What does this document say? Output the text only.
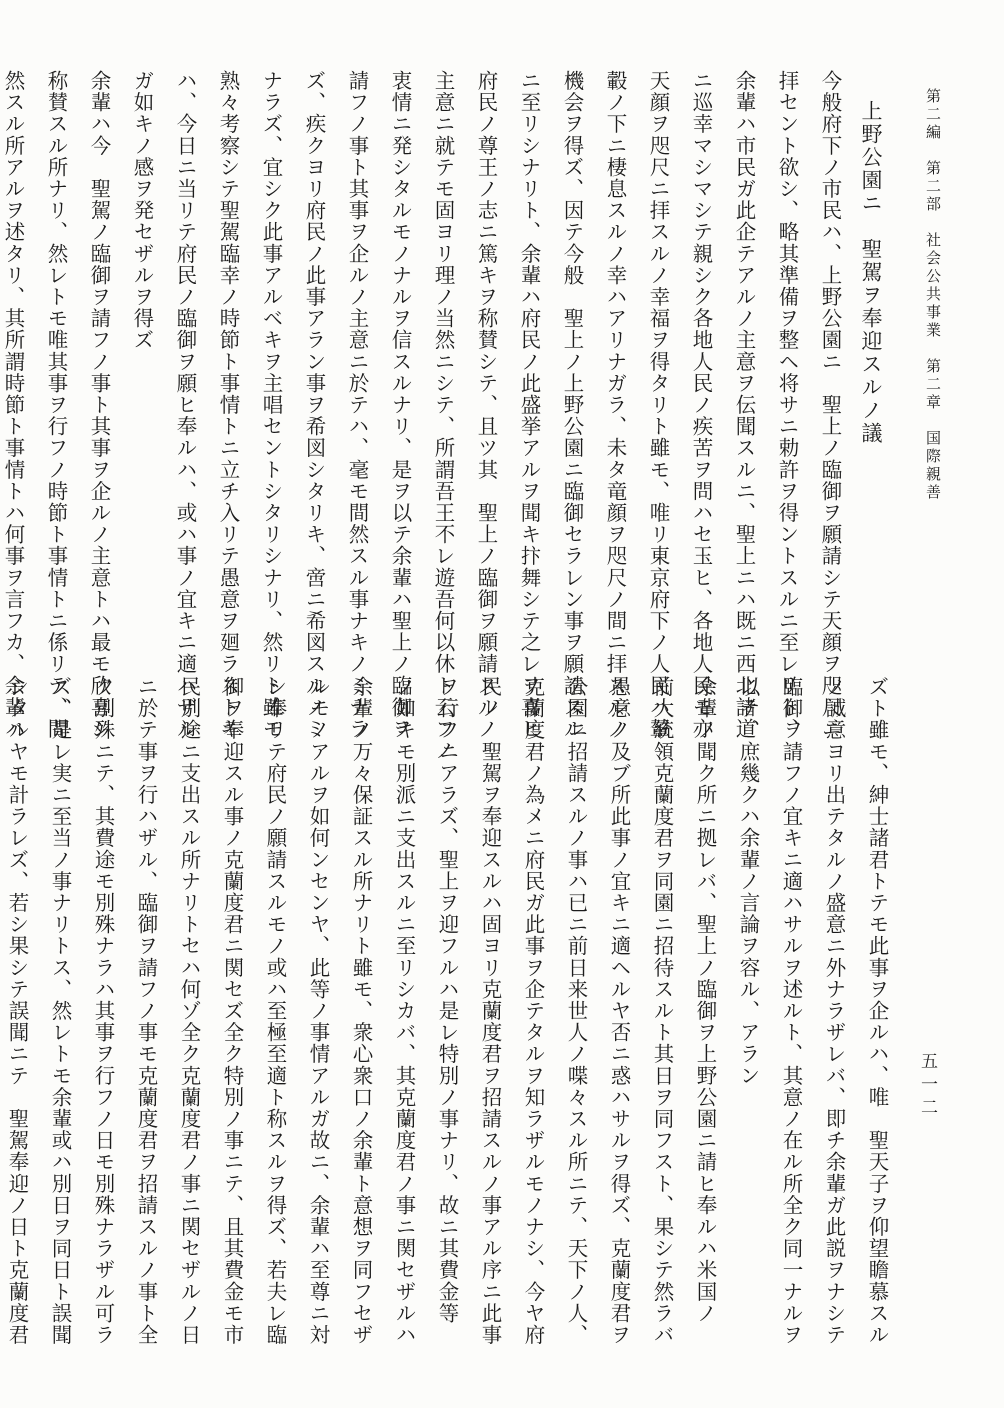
第二編　第二部　社会公共事業　第二章　国際親善
五一二
上野公園ニ　聖駕ヲ奉迎スルノ議
今般府下ノ市民ハ、上野公園ニ　聖上ノ臨御ヲ願請シテ天顔ヲ咫尺ニ
拝セント欲シ、略其準備ヲ整ヘ将サニ勅許ヲ得ントスルニ至レリト、
余輩ハ市民ガ此企テアルノ主意ヲ伝聞スルニ、聖上ニハ既ニ西北諸道
ニ巡幸マシマシテ親シク各地人民ノ疾苦ヲ問ハセ玉ヒ、各地人民モ亦
天顔ヲ咫尺ニ拝スルノ幸福ヲ得タリト雖モ、唯リ東京府下ノ人民ハ輦
轂ノ下ニ棲息スルノ幸ハアリナガラ、未タ竜顔ヲ咫尺ノ間ニ拝スルノ
機会ヲ得ズ、因テ今般　聖上ノ上野公園ニ臨御セラレン事ヲ願請スル
ニ至リシナリト、余輩ハ府民ノ此盛挙アルヲ聞キ抃舞シテ之レヲ喜ヒ
府民ノ尊王ノ志ニ篤キヲ称賛シテ、且ツ其　聖上ノ臨御ヲ願請スルノ
主意ニ就テモ固ヨリ理ノ当然ニシテ、所謂吾王不レ遊吾何以休ト云フノ
衷情ニ発シタルモノナルヲ信スルナリ、是ヲ以テ余輩ハ聖上ノ臨御ヲ
請フノ事ト其事ヲ企ルノ主意ニ於テハ、毫モ間然スル事ナキノミナラ
ズ、疾クヨリ府民ノ此事アラン事ヲ希図シタリキ、啻ニ希図スルノミ
ナラズ、宜シク此事アルベキヲ主唱セントシタリシナリ、然リト雖モ
熟々考察シテ聖駕臨幸ノ時節ト事情トニ立チ入リテ愚意ヲ廻ラストキ
ハ、今日ニ当リテ府民ノ臨御ヲ願ヒ奉ルハ、或ハ事ノ宜キニ適ハザル
ガ如キノ感ヲ発セザルヲ得ズ
余輩ハ今　聖駕ノ臨御ヲ請フノ事ト其事ヲ企ルノ主意トハ最モ欣喜シ
称賛スル所ナリ、然レトモ唯其事ヲ行フノ時節ト事情トニ係リテ、間
然スル所アルヲ述タリ、其所謂時節ト事情トハ何事ヲ言フカ、余輩ハ
ズト雖モ、紳士諸君トテモ此事ヲ企ルハ、唯　聖天子ヲ仰望瞻慕スル
ノ誠意ヨリ出テタルノ盛意ニ外ナラザレバ、即チ余輩ガ此説ヲナシテ
臨御ヲ請フノ宜キニ適ハサルヲ述ルト、其意ノ在ル所全ク同一ナルヲ
以テ、庶幾クハ余輩ノ言論ヲ容ル、アラン
余輩ノ聞ク所ニ拠レバ、聖上ノ臨御ヲ上野公園ニ請ヒ奉ルハ米国ノ
前大統領克蘭度君ヲ同園ニ招待スルト其日ヲ同フスト、果シテ然ラバ
愚意ノ及ブ所此事ノ宜キニ適ヘルヤ否ニ惑ハサルヲ得ズ、克蘭度君ヲ
公園ニ招請スルノ事ハ已ニ前日来世人ノ喋々スル所ニテ、天下ノ人、
克蘭度君ノ為メニ府民ガ此事ヲ企テタルヲ知ラザルモノナシ、今ヤ府
民ノ　聖駕ヲ奉迎スルハ固ヨリ克蘭度君ヲ招請スルノ事アル序ニ此事
ヲ行フニアラズ、聖上ヲ迎フルハ是レ特別ノ事ナリ、故ニ其費金等
ノ如キモ別派ニ支出スルニ至リシカバ、其克蘭度君ノ事ニ関セザルハ
余輩ノ万々保証スル所ナリト雖モ、衆心衆口ノ余輩ト意想ヲ同フセザ
ルモノアルヲ如何ンセンヤ、此等ノ事情アルガ故ニ、余輩ハ至尊ニ対
シ奉リテ府民ノ願請スルモノ或ハ至極至適ト称スルヲ得ズ、若夫レ臨
御ヲ奉迎スル事ノ克蘭度君ニ関セズ全ク特別ノ事ニテ、且其費金モ市
民別途ニ支出スル所ナリトセハ何ゾ全ク克蘭度君ノ事ニ関セザルノ日
ニ於テ事ヲ行ハザル、臨御ヲ請フノ事モ克蘭度君ヲ招請スルノ事ト全
ク別殊ニテ、其費途モ別殊ナラハ其事ヲ行フノ日モ別殊ナラザル可ラ
ズ、是レ実ニ至当ノ事ナリトス、然レトモ余輩或ハ別日ヲ同日ト誤聞
シタルヤモ計ラレズ、若シ果シテ誤聞ニテ　聖駕奉迎ノ日ト克蘭度君
